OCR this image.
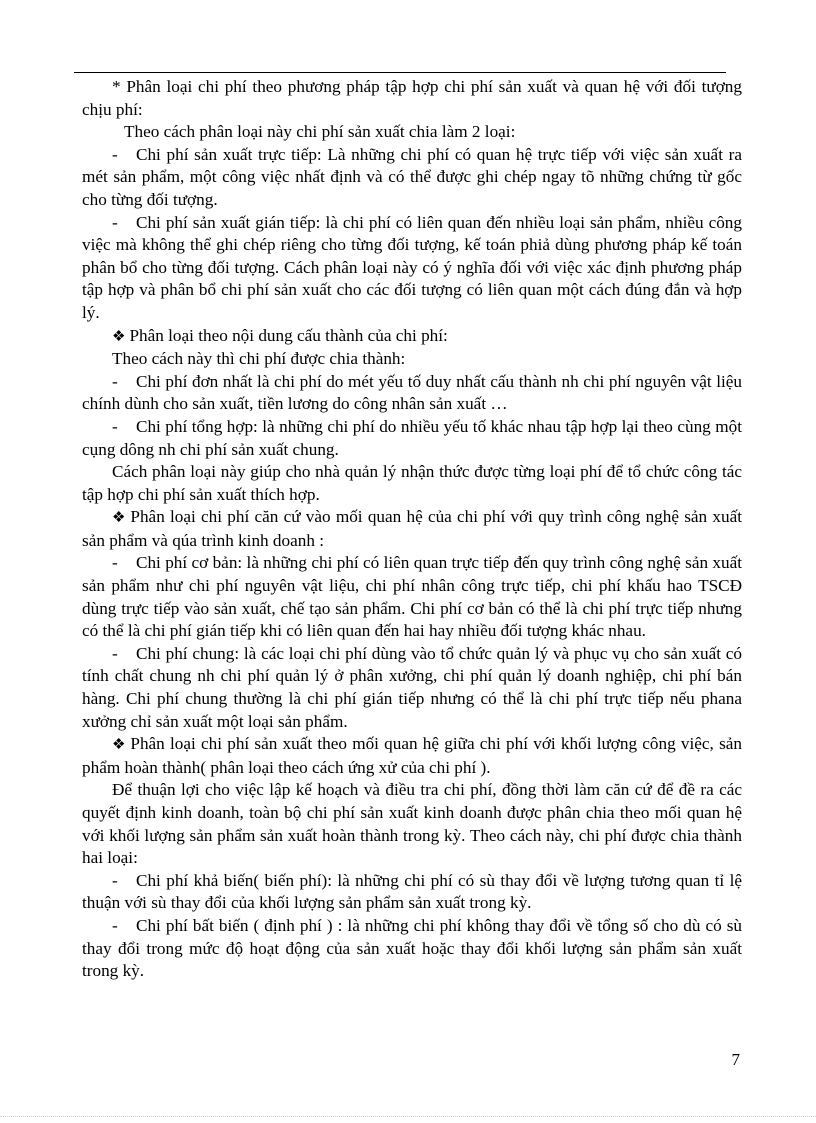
* Phân loại chi phí theo phương pháp tập hợp chi phí sản xuất và quan hệ với đối tượng chịu phí:

Theo cách phân loại này chi phí sản xuất chia làm 2 loại:

- Chi phí sản xuất trực tiếp: Là những chi phí có quan hệ trực tiếp với việc sản xuất ra mét sản phẩm, một công việc nhất định và có thể được ghi chép ngay tõ những chứng từ gốc cho từng đối tượng.

- Chi phí sản xuất gián tiếp: là chi phí có liên quan đến nhiều loại sản phẩm, nhiều công việc mà không thể ghi chép riêng cho từng đối tượng, kế toán phiả dùng phương pháp kế toán phân bổ cho từng đối tượng. Cách phân loại này có ý nghĩa đối với việc xác định phương pháp tập hợp và phân bổ chi phí sản xuất cho các đối tượng có liên quan một cách đúng đắn và hợp lý.

❖ Phân loại theo nội dung cấu thành của chi phí:

Theo cách này thì chi phí được chia thành:

- Chi phí đơn nhất là chi phí do mét yếu tố duy nhất cấu thành nh chi phí nguyên vật liệu chính dùnh cho sản xuất, tiền lương do công nhân sản xuất …

- Chi phí tổng hợp: là những chi phí do nhiều yếu tố khác nhau tập hợp lại theo cùng một cụng dông nh chi phí sản xuất chung.

Cách phân loại này giúp cho nhà quản lý nhận thức được từng loại phí để tổ chức công tác tập hợp chi phí sản xuất thích hợp.

❖ Phân loại chi phí căn cứ vào mối quan hệ của chi phí với quy trình công nghệ sản xuất sản phẩm và qúa trình kinh doanh :

- Chi phí cơ bản: là những chi phí có liên quan trực tiếp đến quy trình công nghệ sản xuất sản phẩm như chi phí nguyên vật liệu, chi phí nhân công trực tiếp, chi phí khấu hao TSCĐ dùng trực tiếp vào sản xuất, chế tạo sản phẩm. Chi phí cơ bản có thể là chi phí trực tiếp nhưng có thể là chi phí gián tiếp khi có liên quan đến hai hay nhiều đối tượng khác nhau.

- Chi phí chung: là các loại chi phí dùng vào tổ chức quản lý và phục vụ cho sản xuất có tính chất chung nh chi phí quản lý ở phân xưởng, chi phí quản lý doanh nghiệp, chi phí bán hàng. Chi phí chung thường là chi phí gián tiếp nhưng có thể là chi phí trực tiếp nếu phana xưởng chỉ sản xuất một loại sản phẩm.

❖ Phân loại chi phí sản xuất theo mối quan hệ giữa chi phí với khối lượng công việc, sản phẩm hoàn thành( phân loại theo cách ứng xử của chi phí ).

Để thuận lợi cho việc lập kế hoạch và điều tra chi phí, đồng thời làm căn cứ để đề ra các quyết định kinh doanh, toàn bộ chi phí sản xuất kinh doanh được phân chia theo mối quan hệ với khối lượng sản phẩm sản xuất hoàn thành trong kỳ. Theo cách này, chi phí được chia thành hai loại:

- Chi phí khả biến( biến phí): là những chi phí có sù thay đổi về lượng tương quan tỉ lệ thuận với sù thay đổi của khối lượng sản phẩm sản xuất trong kỳ.

- Chi phí bất biến ( định phí ) : là những chi phí không thay đổi về tổng số cho dù có sù thay đổi trong mức độ hoạt động của sản xuất hoặc thay đổi khối lượng sản phẩm sản xuất trong kỳ.

7
